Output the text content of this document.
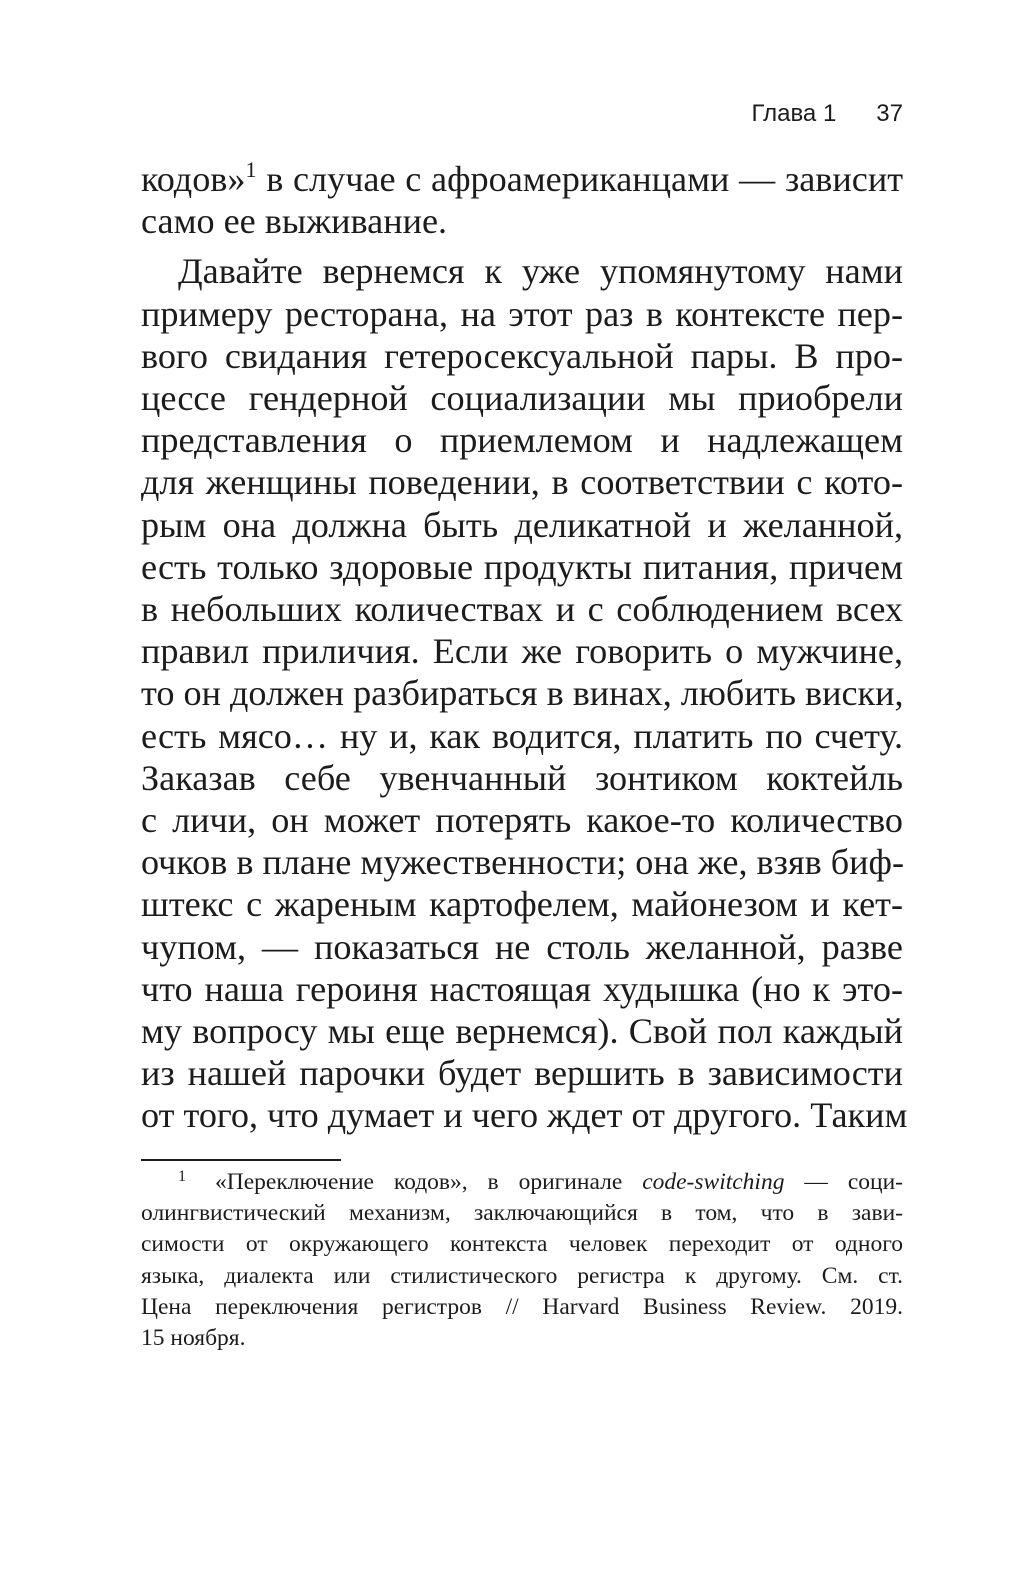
Глава 1 37
кодов»$^1$ в случае с афроамериканцами — зависит
само ее выживание.
Давайте вернемся к уже упомянутому нами
примеру ресторана, на этот раз в контексте пер-
вого свидания гетеросексуальной пары. В про-
цессе гендерной социализации мы приобрели
представления о приемлемом и надлежащем
для женщины поведении, в соответствии с кото-
рым она должна быть деликатной и желанной,
есть только здоровые продукты питания, причем
в небольших количествах и с соблюдением всех
правил приличия. Если же говорить о мужчине,
то он должен разбираться в винах, любить виски,
есть мясо… ну и, как водится, платить по счету.
Заказав себе увенчанный зонтиком коктейль
с личи, он может потерять какое-то количество
очков в плане мужественности; она же, взяв биф-
штекс с жареным картофелем, майонезом и кет-
чупом, — показаться не столь желанной, разве
что наша героиня настоящая худышка (но к это-
му вопросу мы еще вернемся). Свой пол каждый
из нашей парочки будет вершить в зависимости
от того, что думает и чего ждет от другого. Таким
1 «Переключение кодов», в оригинале code-switching — соци-
олингвистический механизм, заключающийся в том, что в зави-
симости от окружающего контекста человек переходит от одного
языка, диалекта или стилистического регистра к другому. См. ст.
Цена переключения регистров // Harvard Business Review. 2019.
15 ноября.
